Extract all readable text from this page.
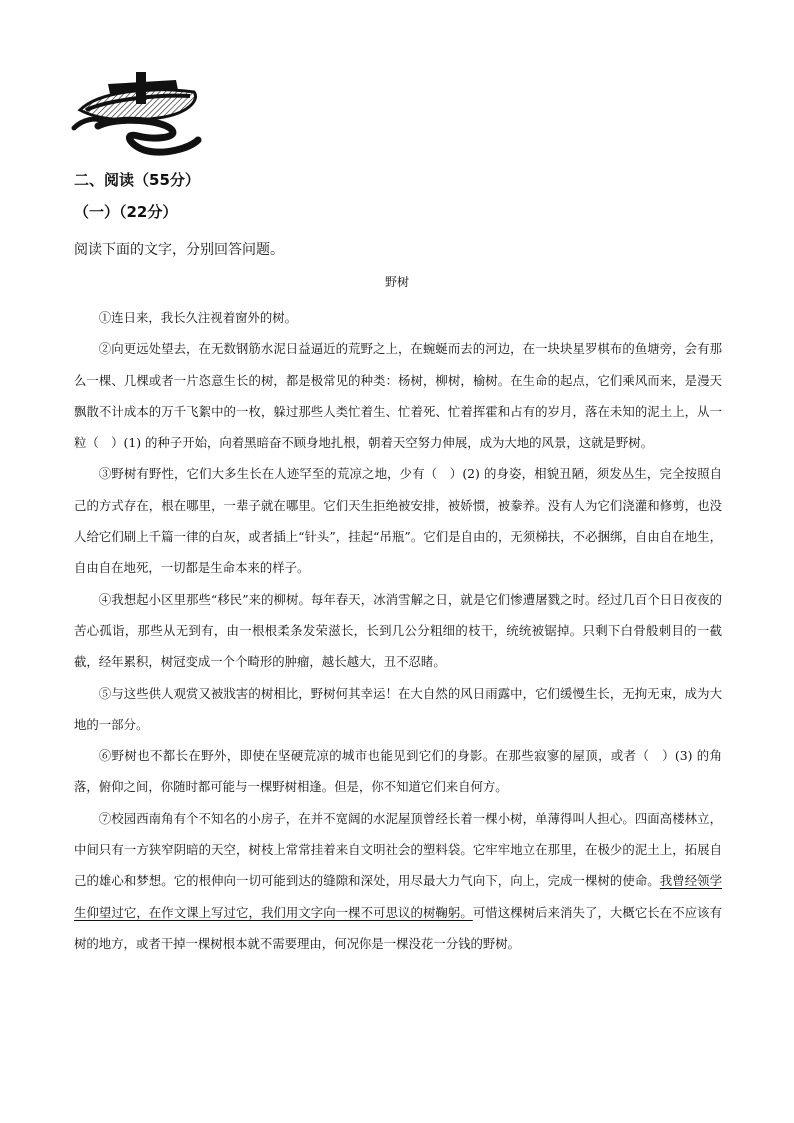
二、阅读（55分）
（一）（22分）
阅读下面的文字，分别回答问题。
野树

①连日来，我长久注视着窗外的树。

②向更远处望去，在无数钢筋水泥日益逼近的荒野之上，在蜿蜒而去的河边，在一块块星罗棋布的鱼塘旁，会有那么一棵、几棵或者一片恣意生长的树，都是极常见的种类：杨树，柳树，榆树。在生命的起点，它们乘风而来，是漫天飘散不计成本的万千飞絮中的一枚，躲过那些人类忙着生、忙着死、忙着挥霍和占有的岁月，落在未知的泥土上，从一粒（　）(1) 的种子开始，向着黑暗奋不顾身地扎根，朝着天空努力伸展，成为大地的风景，这就是野树。

③野树有野性，它们大多生长在人迹罕至的荒凉之地，少有（　）(2) 的身姿，相貌丑陋，须发丛生，完全按照自己的方式存在，根在哪里，一辈子就在哪里。它们天生拒绝被安排，被娇惯，被豢养。没有人为它们浇灌和修剪，也没人给它们刷上千篇一律的白灰，或者插上“针头”，挂起“吊瓶”。它们是自由的，无须梯扶，不必捆绑，自由自在地生，自由自在地死，一切都是生命本来的样子。

④我想起小区里那些“移民”来的柳树。每年春天，冰消雪解之日，就是它们惨遭屠戮之时。经过几百个日日夜夜的苦心孤诣，那些从无到有，由一根根柔条发荣滋长，长到几公分粗细的枝干，统统被锯掉。只剩下白骨般刺目的一截截，经年累积，树冠变成一个个畸形的肿瘤，越长越大，丑不忍睹。

⑤与这些供人观赏又被戕害的树相比，野树何其幸运！在大自然的风日雨露中，它们缓慢生长，无拘无束，成为大地的一部分。

⑥野树也不都长在野外，即使在坚硬荒凉的城市也能见到它们的身影。在那些寂寥的屋顶，或者（　）(3) 的角落，俯仰之间，你随时都可能与一棵野树相逢。但是，你不知道它们来自何方。

⑦校园西南角有个不知名的小房子，在并不宽阔的水泥屋顶曾经长着一棵小树，单薄得叫人担心。四面高楼林立，中间只有一方狭窄阴暗的天空，树枝上常常挂着来自文明社会的塑料袋。它牢牢地立在那里，在极少的泥土上，拓展自己的雄心和梦想。它的根伸向一切可能到达的缝隙和深处，用尽最大力气向下，向上，完成一棵树的使命。我曾经领学生仰望过它，在作文课上写过它，我们用文字向一棵不可思议的树鞠躬。可惜这棵树后来消失了，大概它长在不应该有树的地方，或者干掉一棵树根本就不需要理由，何况你是一棵没花一分钱的野树。
